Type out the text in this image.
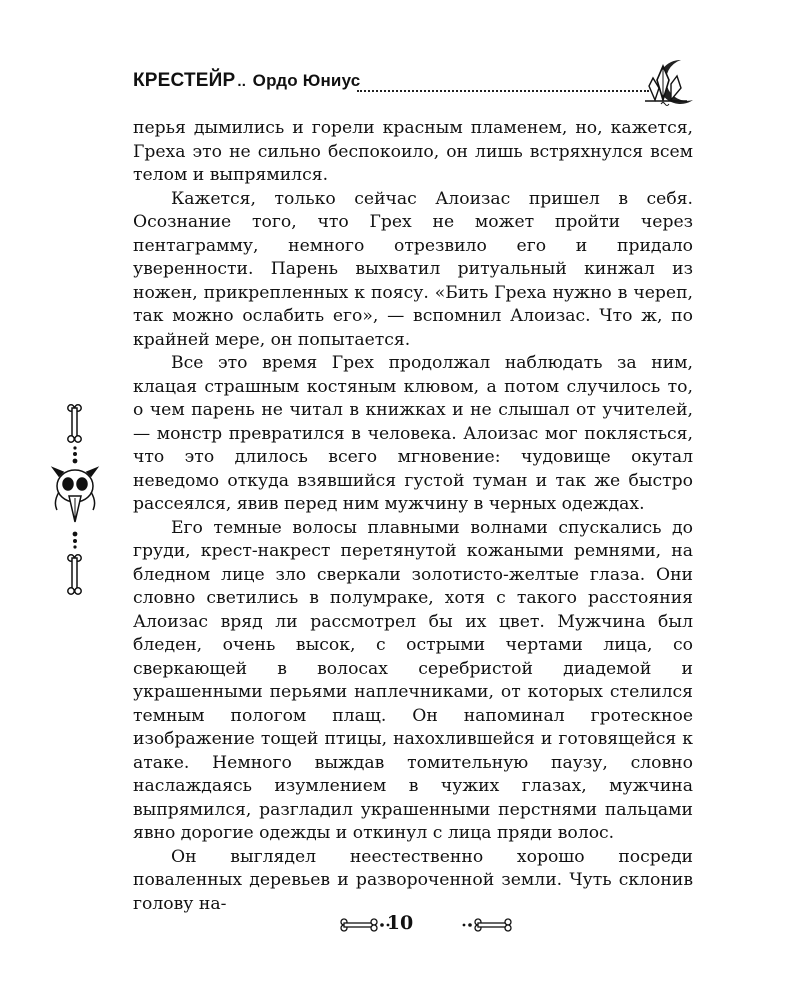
КРЕСТЕЙР .. Ордо Юниус

перья дымились и горели красным пламенем, но, кажется, Греха это не сильно беспокоило, он лишь встряхнулся всем телом и выпрямился.

Кажется, только сейчас Алоизас пришел в себя. Осознание того, что Грех не может пройти через пентаграмму, немного отрезвило его и придало уверенности. Парень выхватил ритуальный кинжал из ножен, прикрепленных к поясу. «Бить Греха нужно в череп, так можно ослабить его», — вспомнил Алоизас. Что ж, по крайней мере, он попытается.

Все это время Грех продолжал наблюдать за ним, клацая страшным костяным клювом, а потом случилось то, о чем парень не читал в книжках и не слышал от учителей, — монстр превратился в человека. Алоизас мог поклясться, что это длилось всего мгновение: чудовище окутал неведомо откуда взявшийся густой туман и так же быстро рассеялся, явив перед ним мужчину в черных одеждах.

Его темные волосы плавными волнами спускались до груди, крест-накрест перетянутой кожаными ремнями, на бледном лице зло сверкали золотисто-желтые глаза. Они словно светились в полумраке, хотя с такого расстояния Алоизас вряд ли рассмотрел бы их цвет. Мужчина был бледен, очень высок, с острыми чертами лица, со сверкающей в волосах серебристой диадемой и украшенными перьями наплечниками, от которых стелился темным пологом плащ. Он напоминал гротескное изображение тощей птицы, нахохлившейся и готовящейся к атаке. Немного выждав томительную паузу, словно наслаждаясь изумлением в чужих глазах, мужчина выпрямился, разгладил украшенными перстнями пальцами явно дорогие одежды и откинул с лица пряди волос.

Он выглядел неестественно хорошо посреди поваленных деревьев и развороченной земли. Чуть склонив голову на-

10
